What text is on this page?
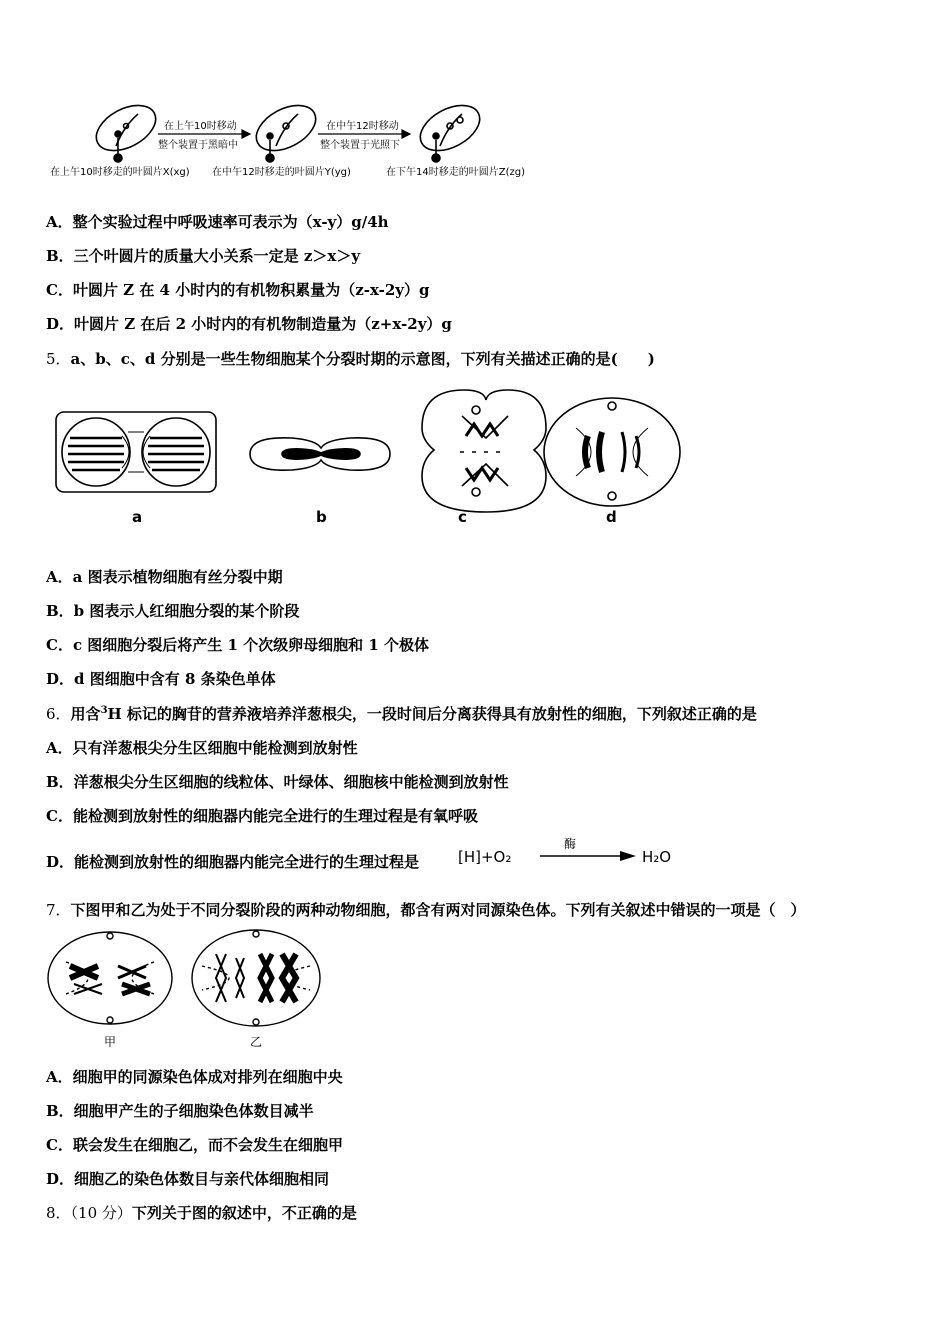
在上午10时移动
整个装置于黑暗中
在中午12时移动
整个装置于光照下
在上午10时移走的叶圆片X(xg) 在中午12时移走的叶圆片Y(yg)	在下午14时移走的叶圆片Z(zg)
A．整个实验过程中呼吸速率可表示为（x-y）g/4h
B．三个叶圆片的质量大小关系一定是 z＞x＞y
C．叶圆片 Z 在 4 小时内的有机物积累量为（z-x-2y）g
D．叶圆片 Z 在后 2 小时内的有机物制造量为（z+x-2y）g
5．a、b、c、d 分别是一些生物细胞某个分裂时期的示意图，下列有关描述正确的是(　　)
a	b	c	d
A．a 图表示植物细胞有丝分裂中期
B．b 图表示人红细胞分裂的某个阶段
C．c 图细胞分裂后将产生 1 个次级卵母细胞和 1 个极体
D．d 图细胞中含有 8 条染色单体
6．用含$^3$H 标记的胸苷的营养液培养洋葱根尖，一段时间后分离获得具有放射性的细胞，下列叙述正确的是
A．只有洋葱根尖分生区细胞中能检测到放射性
B．洋葱根尖分生区细胞的线粒体、叶绿体、细胞核中能检测到放射性
C．能检测到放射性的细胞器内能完全进行的生理过程是有氧呼吸
D．能检测到放射性的细胞器内能完全进行的生理过程是	[H]+O₂
酶
H₂O
7．下图甲和乙为处于不同分裂阶段的两种动物细胞，都含有两对同源染色体。下列有关叙述中错误的一项是（　）
甲	乙
A．细胞甲的同源染色体成对排列在细胞中央
B．细胞甲产生的子细胞染色体数目减半
C．联会发生在细胞乙，而不会发生在细胞甲
D．细胞乙的染色体数目与亲代体细胞相同
8．（10 分）下列关于图的叙述中，不正确的是
